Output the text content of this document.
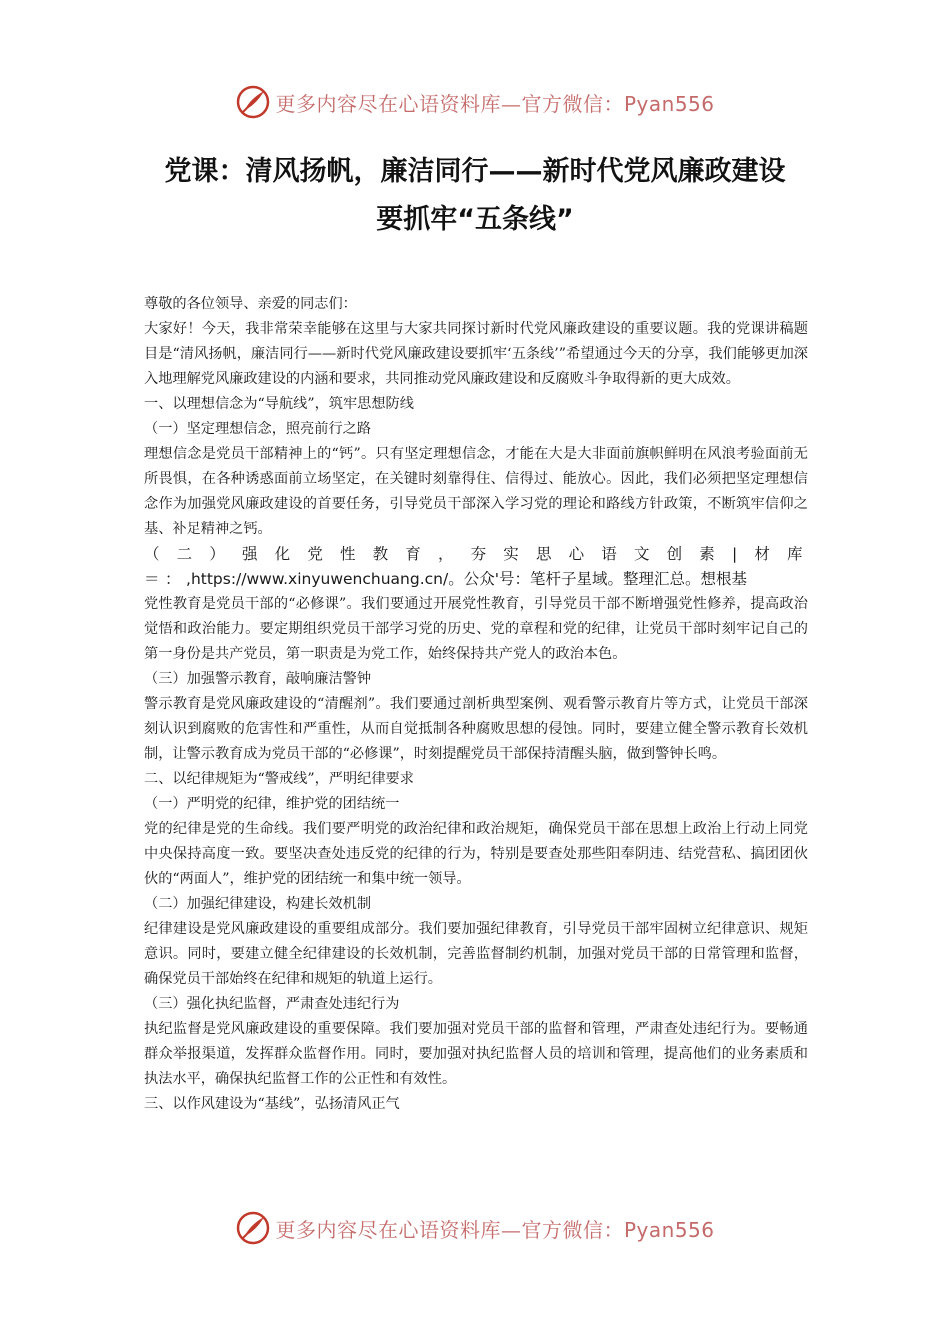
更多内容尽在心语资料库—官方微信：Pyan556
党课：清风扬帆，廉洁同行——新时代党风廉政建设
要抓牢“五条线”

尊敬的各位领导、亲爱的同志们：

大家好！今天，我非常荣幸能够在这里与大家共同探讨新时代党风廉政建设的重要议题。我的党课讲稿题目是“清风扬帆，廉洁同行——新时代党风廉政建设要抓牢‘五条线’”希望通过今天的分享，我们能够更加深入地理解党风廉政建设的内涵和要求，共同推动党风廉政建设和反腐败斗争取得新的更大成效。

一、以理想信念为“导航线”，筑牢思想防线

（一）坚定理想信念，照亮前行之路

理想信念是党员干部精神上的“钙”。只有坚定理想信念，才能在大是大非面前旗帜鲜明在风浪考验面前无所畏惧，在各种诱惑面前立场坚定，在关键时刻靠得住、信得过、能放心。因此，我们必须把坚定理想信念作为加强党风廉政建设的首要任务，引导党员干部深入学习党的理论和路线方针政策，不断筑牢信仰之基、补足精神之钙。

（二）强化党性教育，夯实思心语文创素|材库＝：,https://www.xinyuwenchuang.cn/。公众'号：笔杆子星域。整理汇总。想根基

党性教育是党员干部的“必修课”。我们要通过开展党性教育，引导党员干部不断增强党性修养，提高政治觉悟和政治能力。要定期组织党员干部学习党的历史、党的章程和党的纪律，让党员干部时刻牢记自己的第一身份是共产党员，第一职责是为党工作，始终保持共产党人的政治本色。

（三）加强警示教育，敲响廉洁警钟

警示教育是党风廉政建设的“清醒剂”。我们要通过剖析典型案例、观看警示教育片等方式，让党员干部深刻认识到腐败的危害性和严重性，从而自觉抵制各种腐败思想的侵蚀。同时，要建立健全警示教育长效机制，让警示教育成为党员干部的“必修课”，时刻提醒党员干部保持清醒头脑，做到警钟长鸣。

二、以纪律规矩为“警戒线”，严明纪律要求

（一）严明党的纪律，维护党的团结统一

党的纪律是党的生命线。我们要严明党的政治纪律和政治规矩，确保党员干部在思想上政治上行动上同党中央保持高度一致。要坚决查处违反党的纪律的行为，特别是要查处那些阳奉阴违、结党营私、搞团团伙伙的“两面人”，维护党的团结统一和集中统一领导。

（二）加强纪律建设，构建长效机制

纪律建设是党风廉政建设的重要组成部分。我们要加强纪律教育，引导党员干部牢固树立纪律意识、规矩意识。同时，要建立健全纪律建设的长效机制，完善监督制约机制，加强对党员干部的日常管理和监督，确保党员干部始终在纪律和规矩的轨道上运行。

（三）强化执纪监督，严肃查处违纪行为

执纪监督是党风廉政建设的重要保障。我们要加强对党员干部的监督和管理，严肃查处违纪行为。要畅通群众举报渠道，发挥群众监督作用。同时，要加强对执纪监督人员的培训和管理，提高他们的业务素质和执法水平，确保执纪监督工作的公正性和有效性。

三、以作风建设为“基线”，弘扬清风正气

更多内容尽在心语资料库—官方微信：Pyan556
